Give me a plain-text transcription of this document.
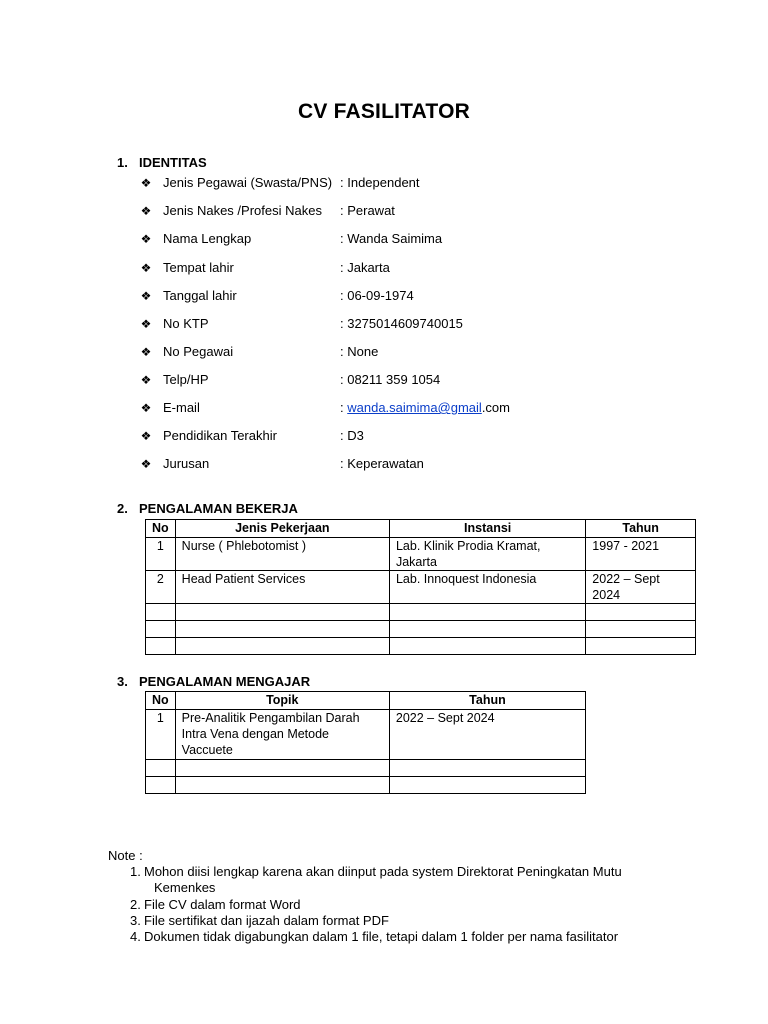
CV FASILITATOR
1. IDENTITAS
❖ Jenis Pegawai (Swasta/PNS) : Independent
❖ Jenis Nakes /Profesi Nakes : Perawat
❖ Nama Lengkap	: Wanda Saimima
❖ Tempat lahir	: Jakarta
❖ Tanggal lahir	: 06-09-1974
❖ No KTP	: 3275014609740015
❖ No Pegawai	: None
❖ Telp/HP	: 08211 359 1054
❖ E-mail	: wanda.saimima@gmail.com
❖ Pendidikan Terakhir	: D3
❖ Jurusan	: Keperawatan
2. PENGALAMAN BEKERJA
No	Jenis Pekerjaan	Instansi	Tahun
1	Nurse ( Phlebotomist )	Lab. Klinik Prodia Kramat, Jakarta	1997 - 2021
2	Head Patient Services	Lab. Innoquest Indonesia	2022 – Sept 2024

3. PENGALAMAN MENGAJAR
No	Topik	Tahun
1	Pre-Analitik Pengambilan Darah Intra Vena dengan Metode Vaccuete	2022 – Sept 2024

Note :
1. Mohon diisi lengkap karena akan diinput pada system Direktorat Peningkatan Mutu
Kemenkes
2. File CV dalam format Word
3. File sertifikat dan ijazah dalam format PDF
4. Dokumen tidak digabungkan dalam 1 file, tetapi dalam 1 folder per nama fasilitator
